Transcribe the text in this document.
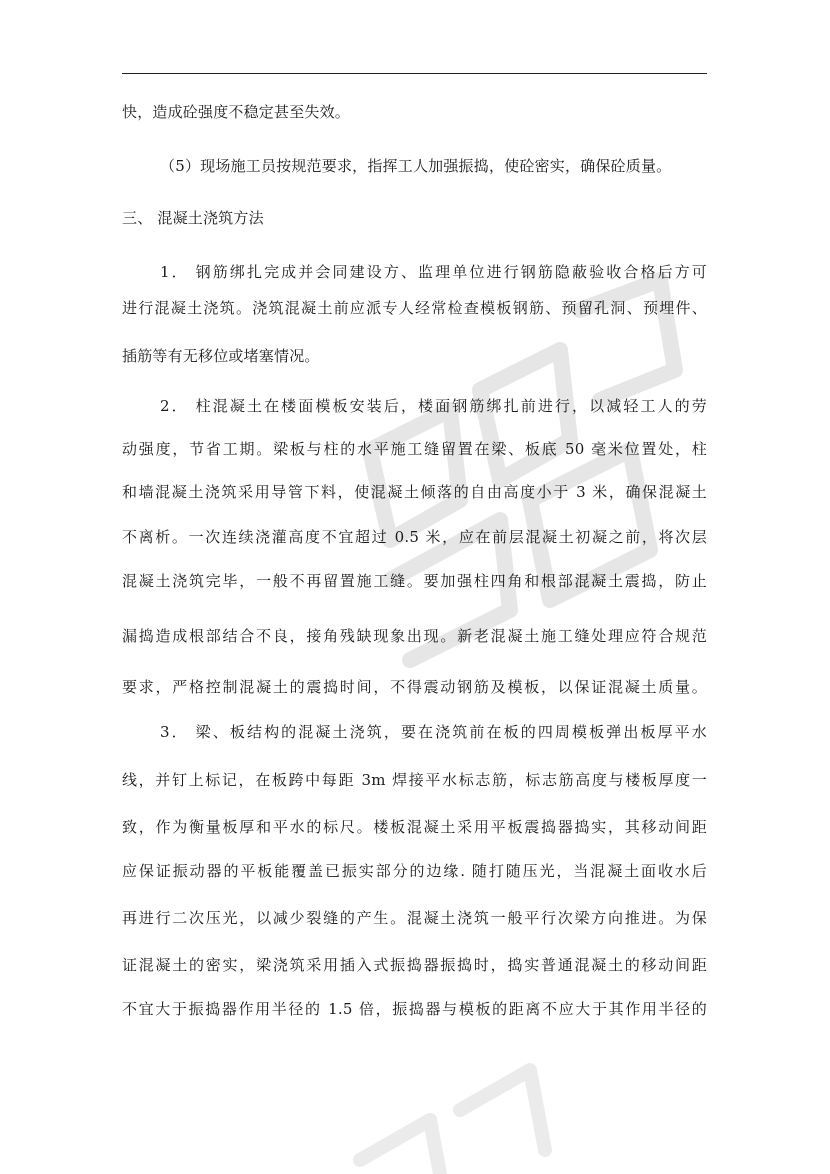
快，造成砼强度不稳定甚至失效。
（5）现场施工员按规范要求，指挥工人加强振捣，使砼密实，确保砼质量。
三、 混凝土浇筑方法
1． 钢筋绑扎完成并会同建设方、监理单位进行钢筋隐蔽验收合格后方可
进行混凝土浇筑。浇筑混凝土前应派专人经常检查模板钢筋、预留孔洞、预埋件、
插筋等有无移位或堵塞情况。
2． 柱混凝土在楼面模板安装后，楼面钢筋绑扎前进行，以减轻工人的劳
动强度，节省工期。梁板与柱的水平施工缝留置在梁、板底 50 毫米位置处，柱
和墙混凝土浇筑采用导管下料，使混凝土倾落的自由高度小于 3 米，确保混凝土
不离析。一次连续浇灌高度不宜超过 0.5 米，应在前层混凝土初凝之前，将次层
混凝土浇筑完毕，一般不再留置施工缝。要加强柱四角和根部混凝土震捣，防止
漏捣造成根部结合不良，接角残缺现象出现。新老混凝土施工缝处理应符合规范
要求，严格控制混凝土的震捣时间，不得震动钢筋及模板，以保证混凝土质量。
3． 梁、板结构的混凝土浇筑，要在浇筑前在板的四周模板弹出板厚平水
线，并钉上标记，在板跨中每距 3m 焊接平水标志筋，标志筋高度与楼板厚度一
致，作为衡量板厚和平水的标尺。楼板混凝土采用平板震捣器捣实，其移动间距
应保证振动器的平板能覆盖已振实部分的边缘. 随打随压光，当混凝土面收水后
再进行二次压光，以减少裂缝的产生。混凝土浇筑一般平行次梁方向推进。为保
证混凝土的密实，梁浇筑采用插入式振捣器振捣时，捣实普通混凝土的移动间距
不宜大于振捣器作用半径的 1.5 倍，振捣器与模板的距离不应大于其作用半径的
